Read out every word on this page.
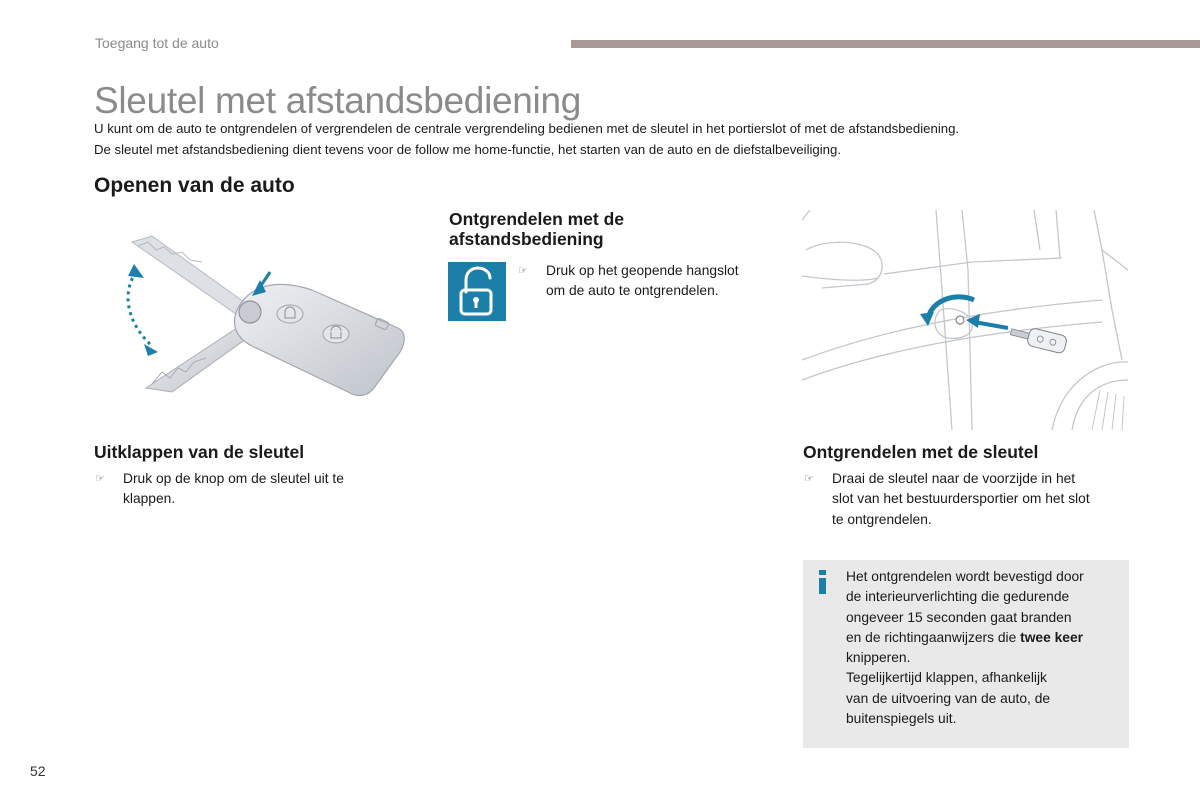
Toegang tot de auto
Sleutel met afstandsbediening

U kunt om de auto te ontgrendelen of vergrendelen de centrale vergrendeling bedienen met de sleutel in het portierslot of met de afstandsbediening.

De sleutel met afstandsbediening dient tevens voor de follow me home-functie, het starten van de auto en de diefstalbeveiliging.

Openen van de auto
Ontgrendelen met de
afstandsbediening
☞	Druk op het geopende hangslot
om de auto te ontgrendelen.
Uitklappen van de sleutel
☞	Druk op de knop om de sleutel uit te
klappen.
Ontgrendelen met de sleutel
☞	Draai de sleutel naar de voorzijde in het
slot van het bestuurdersportier om het slot
te ontgrendelen.
Het ontgrendelen wordt bevestigd door
de interieurverlichting die gedurende
ongeveer 15 seconden gaat branden
en de richtingaanwijzers die twee keer
knipperen.
Tegelijkertijd klappen, afhankelijk
van de uitvoering van de auto, de
buitenspiegels uit.
52
